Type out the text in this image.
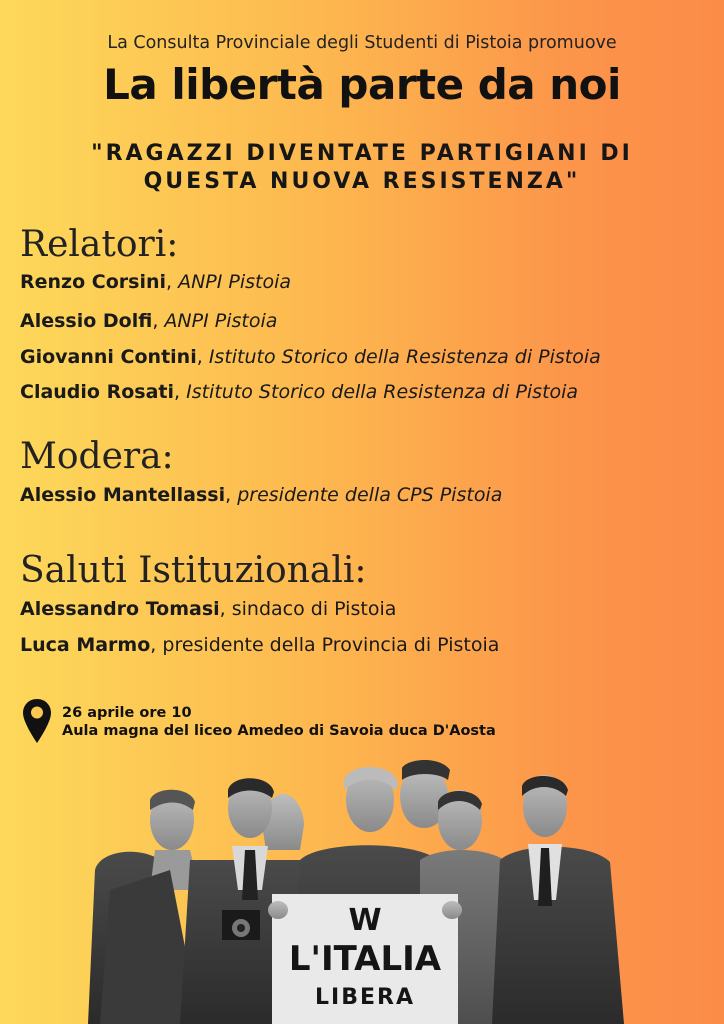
La Consulta Provinciale degli Studenti di Pistoia promuove
La libertà parte da noi
"RAGAZZI DIVENTATE PARTIGIANI DI
QUESTA NUOVA RESISTENZA"
Relatori:
Renzo Corsini, ANPI Pistoia
Alessio Dolfi, ANPI Pistoia
Giovanni Contini, Istituto Storico della Resistenza di Pistoia
Claudio Rosati, Istituto Storico della Resistenza di Pistoia
Modera:
Alessio Mantellassi, presidente della CPS Pistoia
Saluti Istituzionali:
Alessandro Tomasi, sindaco di Pistoia
Luca Marmo, presidente della Provincia di Pistoia
26 aprile ore 10
Aula magna del liceo Amedeo di Savoia duca D'Aosta
W
L'ITALIA
LIBERA
